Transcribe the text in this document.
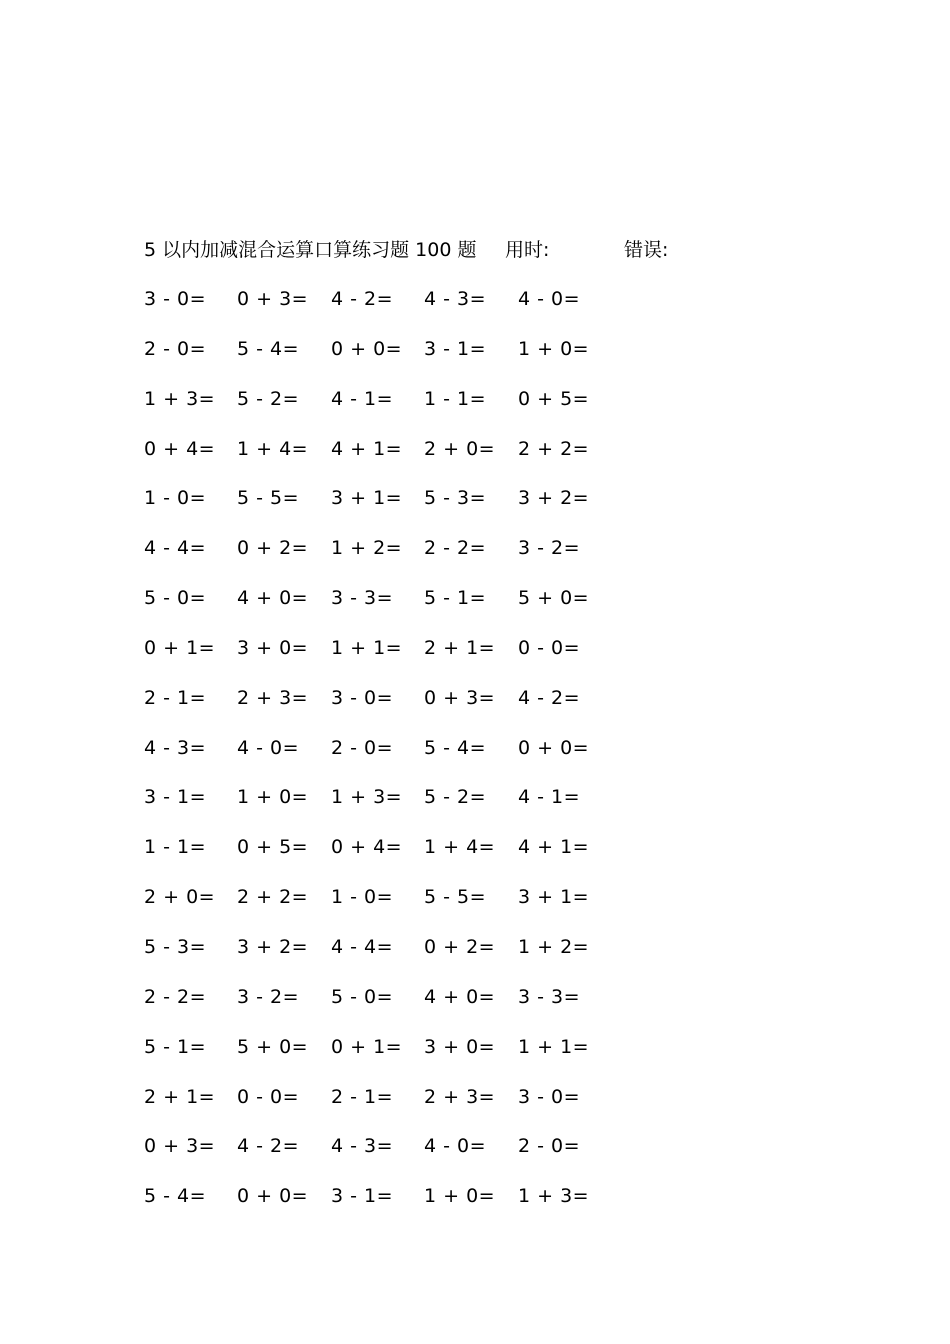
5 以内加减混合运算口算练习题 100 题 用时:	错误:
3 - 0= 0 + 3= 4 - 2= 4 - 3= 4 - 0=
2 - 0= 5 - 4= 0 + 0= 3 - 1= 1 + 0=
1 + 3= 5 - 2= 4 - 1= 1 - 1= 0 + 5=
0 + 4= 1 + 4= 4 + 1= 2 + 0= 2 + 2=
1 - 0= 5 - 5= 3 + 1= 5 - 3= 3 + 2=
4 - 4= 0 + 2= 1 + 2= 2 - 2= 3 - 2=
5 - 0= 4 + 0= 3 - 3= 5 - 1= 5 + 0=
0 + 1= 3 + 0= 1 + 1= 2 + 1= 0 - 0=
2 - 1= 2 + 3= 3 - 0= 0 + 3= 4 - 2=
4 - 3= 4 - 0= 2 - 0= 5 - 4= 0 + 0=
3 - 1= 1 + 0= 1 + 3= 5 - 2= 4 - 1=
1 - 1= 0 + 5= 0 + 4= 1 + 4= 4 + 1=
2 + 0= 2 + 2= 1 - 0= 5 - 5= 3 + 1=
5 - 3= 3 + 2= 4 - 4= 0 + 2= 1 + 2=
2 - 2= 3 - 2= 5 - 0= 4 + 0= 3 - 3=
5 - 1= 5 + 0= 0 + 1= 3 + 0= 1 + 1=
2 + 1= 0 - 0= 2 - 1= 2 + 3= 3 - 0=
0 + 3= 4 - 2= 4 - 3= 4 - 0= 2 - 0=
5 - 4= 0 + 0= 3 - 1= 1 + 0= 1 + 3=
